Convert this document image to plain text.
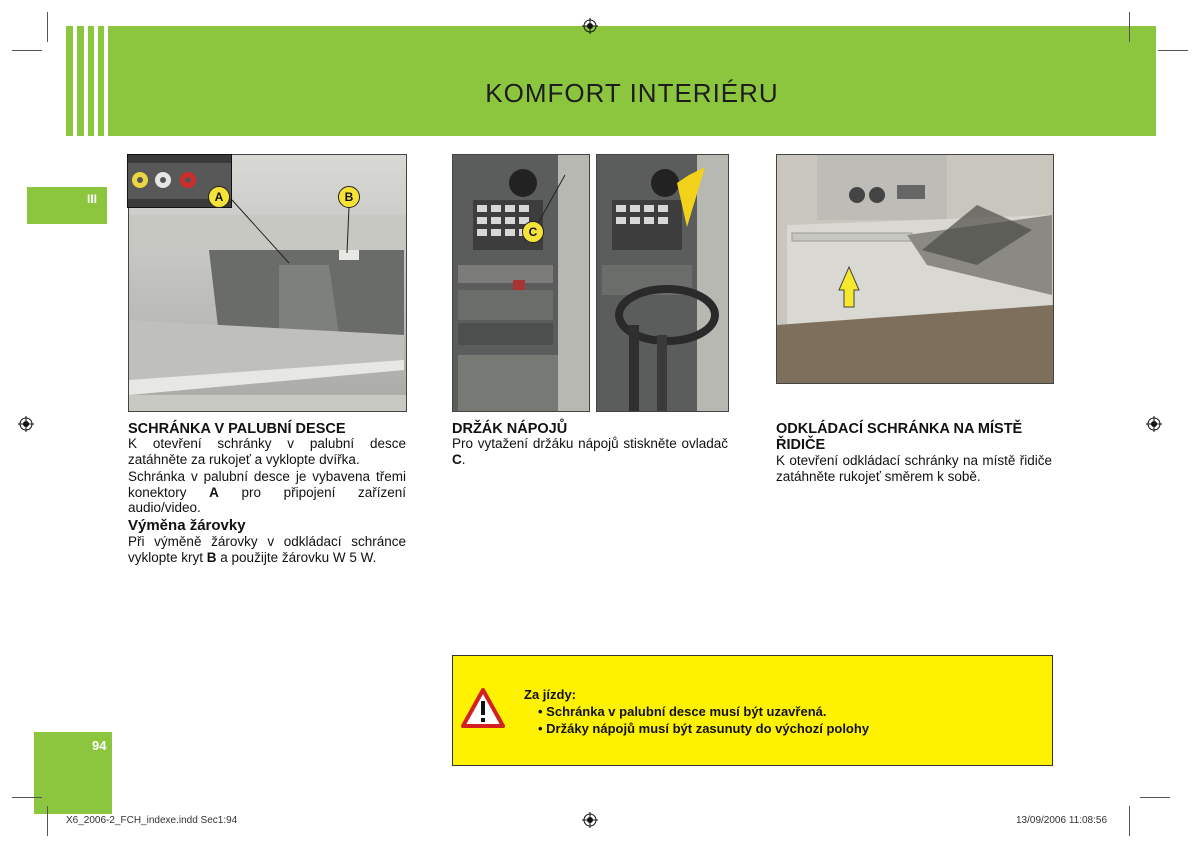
KOMFORT INTERIÉRU
III
94
A	B
C
SCHRÁNKA V PALUBNÍ DESCE
K otevření schránky v palubní desce zatáhněte za rukojeť a vyklopte dvířka.
Schránka v palubní desce je vybavena třemi konektory A pro připojení zařízení audio/video.
Výměna žárovky
Při výměně žárovky v odkládací schránce vyklopte kryt B a použijte žárovku W 5 W.
DRŽÁK NÁPOJŮ
Pro vytažení držáku nápojů stiskněte ovladač C.
ODKLÁDACÍ SCHRÁNKA NA MÍSTĚ ŘIDIČE
K otevření odkládací schránky na místě řidiče zatáhněte rukojeť směrem k sobě.
Za jízdy:
• Schránka v palubní desce musí být uzavřená.
• Držáky nápojů musí být zasunuty do výchozí polohy
X6_2006-2_FCH_indexe.indd Sec1:94	13/09/2006 11:08:56
